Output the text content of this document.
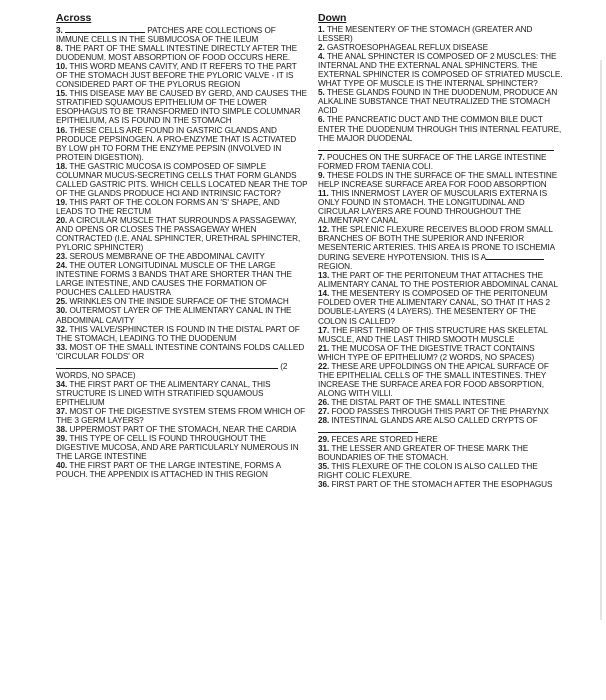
Across

3.	PATCHES ARE COLLECTIONS OF IMMUNE CELLS IN THE SUBMUCOSA OF THE ILEUM

8. THE PART OF THE SMALL INTESTINE DIRECTLY AFTER THE DUODENUM. MOST ABSORPTION OF FOOD OCCURS HERE.

10. THIS WORD MEANS CAVITY, AND IT REFERS TO THE PART OF THE STOMACH JUST BEFORE THE PYLORIC VALVE - IT IS CONSIDERED PART OF THE PYLORUS REGION

15. THIS DISEASE MAY BE CAUSED BY GERD, AND CAUSES THE STRATIFIED SQUAMOUS EPITHELIUM OF THE LOWER ESOPHAGUS TO BE TRANSFORMED INTO SIMPLE COLUMNAR EPITHELIUM, AS IS FOUND IN THE STOMACH

16. THESE CELLS ARE FOUND IN GASTRIC GLANDS AND PRODUCE PEPSINOGEN. A PRO-ENZYME THAT IS ACTIVATED BY LOW pH TO FORM THE ENZYME PEPSIN (INVOLVED IN PROTEIN DIGESTION).

18. THE GASTRIC MUCOSA IS COMPOSED OF SIMPLE COLUMNAR MUCUS-SECRETING CELLS THAT FORM GLANDS CALLED GASTRIC PITS. WHICH CELLS LOCATED NEAR THE TOP OF THE GLANDS PRODUCE HCl AND INTRINSIC FACTOR?

19. THIS PART OF THE COLON FORMS AN 'S' SHAPE, AND LEADS TO THE RECTUM

20. A CIRCULAR MUSCLE THAT SURROUNDS A PASSAGEWAY, AND OPENS OR CLOSES THE PASSAGEWAY WHEN CONTRACTED (I.E. ANAL SPHINCTER, URETHRAL SPHINCTER, PYLORIC SPHINCTER)

23. SEROUS MEMBRANE OF THE ABDOMINAL CAVITY

24. THE OUTER LONGITUDINAL MUSCLE OF THE LARGE INTESTINE FORMS 3 BANDS THAT ARE SHORTER THAN THE LARGE INTESTINE, AND CAUSES THE FORMATION OF POUCHES CALLED HAUSTRA

25. WRINKLES ON THE INSIDE SURFACE OF THE STOMACH

30. OUTERMOST LAYER OF THE ALIMENTARY CANAL IN THE ABDOMINAL CAVITY

32. THIS VALVE/SPHINCTER IS FOUND IN THE DISTAL PART OF THE STOMACH, LEADING TO THE DUODENUM

33. MOST OF THE SMALL INTESTINE CONTAINS FOLDS CALLED 'CIRCULAR FOLDS' OR
(2 WORDS, NO SPACE)

34. THE FIRST PART OF THE ALIMENTARY CANAL, THIS STRUCTURE IS LINED WITH STRATIFIED SQUAMOUS EPITHELIUM

37. MOST OF THE DIGESTIVE SYSTEM STEMS FROM WHICH OF THE 3 GERM LAYERS?

38. UPPERMOST PART OF THE STOMACH, NEAR THE CARDIA

39. THIS TYPE OF CELL IS FOUND THROUGHOUT THE DIGESTIVE MUCOSA, AND ARE PARTICULARLY NUMEROUS IN THE LARGE INTESTINE

40. THE FIRST PART OF THE LARGE INTESTINE, FORMS A POUCH. THE APPENDIX IS ATTACHED IN THIS REGION

Down

1. THE MESENTERY OF THE STOMACH (GREATER AND LESSER)

2. GASTROESOPHAGEAL REFLUX DISEASE

4. THE ANAL SPHINCTER IS COMPOSED OF 2 MUSCLES: THE INTERNAL AND THE EXTERNAL ANAL SPHINCTERS. THE EXTERNAL SPHINCTER IS COMPOSED OF STRIATED MUSCLE. WHAT TYPE OF MUSCLE IS THE INTERNAL SPHINCTER?

5. THESE GLANDS FOUND IN THE DUODENUM, PRODUCE AN ALKALINE SUBSTANCE THAT NEUTRALIZED THE STOMACH ACID

6. THE PANCREATIC DUCT AND THE COMMON BILE DUCT ENTER THE DUODENUM THROUGH THIS INTERNAL FEATURE, THE MAJOR DUODENAL

7. POUCHES ON THE SURFACE OF THE LARGE INTESTINE FORMED FROM TAENIA COLI.

9. THESE FOLDS IN THE SURFACE OF THE SMALL INTESTINE HELP INCREASE SURFACE AREA FOR FOOD ABSORPTION

11. THIS INNERMOST LAYER OF MUSCULARIS EXTERNA IS ONLY FOUND IN STOMACH. THE LONGITUDINAL AND CIRCULAR LAYERS ARE FOUND THROUGHOUT THE ALIMENTARY CANAL

12. THE SPLENIC FLEXURE RECEIVES BLOOD FROM SMALL BRANCHES OF BOTH THE SUPERIOR AND INFERIOR MESENTERIC ARTERIES. THIS AREA IS PRONE TO ISCHEMIA DURING SEVERE HYPOTENSION. THIS IS AREGION.

13. THE PART OF THE PERITONEUM THAT ATTACHES THE ALIMENTARY CANAL TO THE POSTERIOR ABDOMINAL CANAL

14. THE MESENTERY IS COMPOSED OF THE PERITONEUM FOLDED OVER THE ALIMENTARY CANAL, SO THAT IT HAS 2 DOUBLE-LAYERS (4 LAYERS). THE MESENTERY OF THE COLON IS CALLED?

17. THE FIRST THIRD OF THIS STRUCTURE HAS SKELETAL MUSCLE, AND THE LAST THIRD SMOOTH MUSCLE

21. THE MUCOSA OF THE DIGESTIVE TRACT CONTAINS WHICH TYPE OF EPITHELIUM? (2 WORDS, NO SPACES)

22. THESE ARE UPFOLDINGS ON THE APICAL SURFACE OF THE EPITHELIAL CELLS OF THE SMALL INTESTINES. THEY INCREASE THE SURFACE AREA FOR FOOD ABSORPTION, ALONG WITH VILLI.

26. THE DISTAL PART OF THE SMALL INTESTINE

27. FOOD PASSES THROUGH THIS PART OF THE PHARYNX

28. INTESTINAL GLANDS ARE ALSO CALLED CRYPTS OF

29. FECES ARE STORED HERE

31. THE LESSER AND GREATER OF THESE MARK THE BOUNDARIES OF THE STOMACH.

35. THIS FLEXURE OF THE COLON IS ALSO CALLED THE RIGHT COLIC FLEXURE.

36. FIRST PART OF THE STOMACH AFTER THE ESOPHAGUS
